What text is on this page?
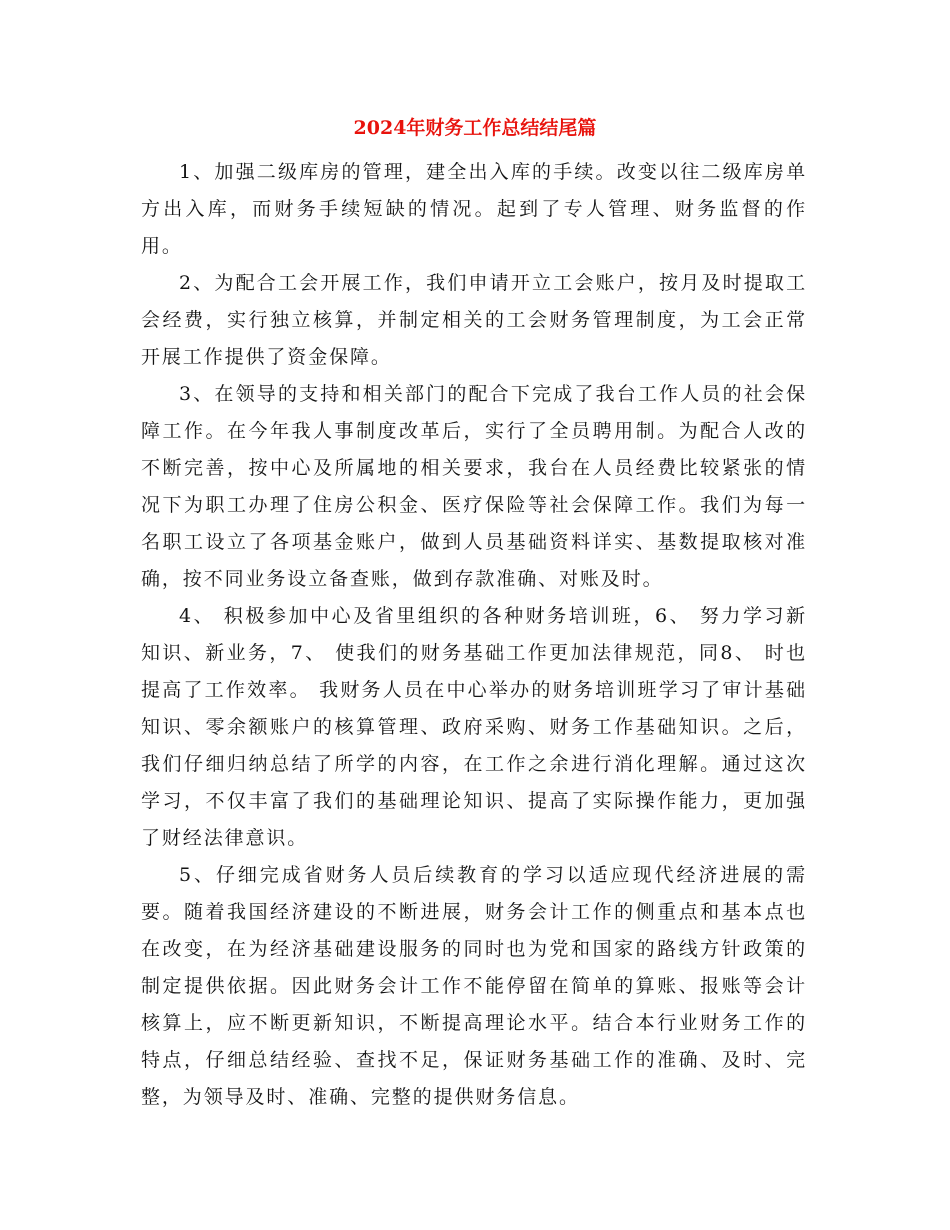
2024年财务工作总结结尾篇

1、加强二级库房的管理，建全出入库的手续。改变以往二级库房单方出入库，而财务手续短缺的情况。起到了专人管理、财务监督的作用。

2、为配合工会开展工作，我们申请开立工会账户，按月及时提取工会经费，实行独立核算，并制定相关的工会财务管理制度，为工会正常开展工作提供了资金保障。

3、在领导的支持和相关部门的配合下完成了我台工作人员的社会保障工作。在今年我人事制度改革后，实行了全员聘用制。为配合人改的不断完善，按中心及所属地的相关要求，我台在人员经费比较紧张的情况下为职工办理了住房公积金、医疗保险等社会保障工作。我们为每一名职工设立了各项基金账户，做到人员基础资料详实、基数提取核对准确，按不同业务设立备查账，做到存款准确、对账及时。

4、 积极参加中心及省里组织的各种财务培训班，6、 努力学习新知识、新业务，7、 使我们的财务基础工作更加法律规范，同8、 时也提高了工作效率。 我财务人员在中心举办的财务培训班学习了审计基础知识、零余额账户的核算管理、政府采购、财务工作基础知识。之后，我们仔细归纳总结了所学的内容，在工作之余进行消化理解。通过这次学习，不仅丰富了我们的基础理论知识、提高了实际操作能力，更加强了财经法律意识。

5、仔细完成省财务人员后续教育的学习以适应现代经济进展的需要。随着我国经济建设的不断进展，财务会计工作的侧重点和基本点也在改变，在为经济基础建设服务的同时也为党和国家的路线方针政策的制定提供依据。因此财务会计工作不能停留在简单的算账、报账等会计核算上，应不断更新知识，不断提高理论水平。结合本行业财务工作的特点，仔细总结经验、查找不足，保证财务基础工作的准确、及时、完整，为领导及时、准确、完整的提供财务信息。
